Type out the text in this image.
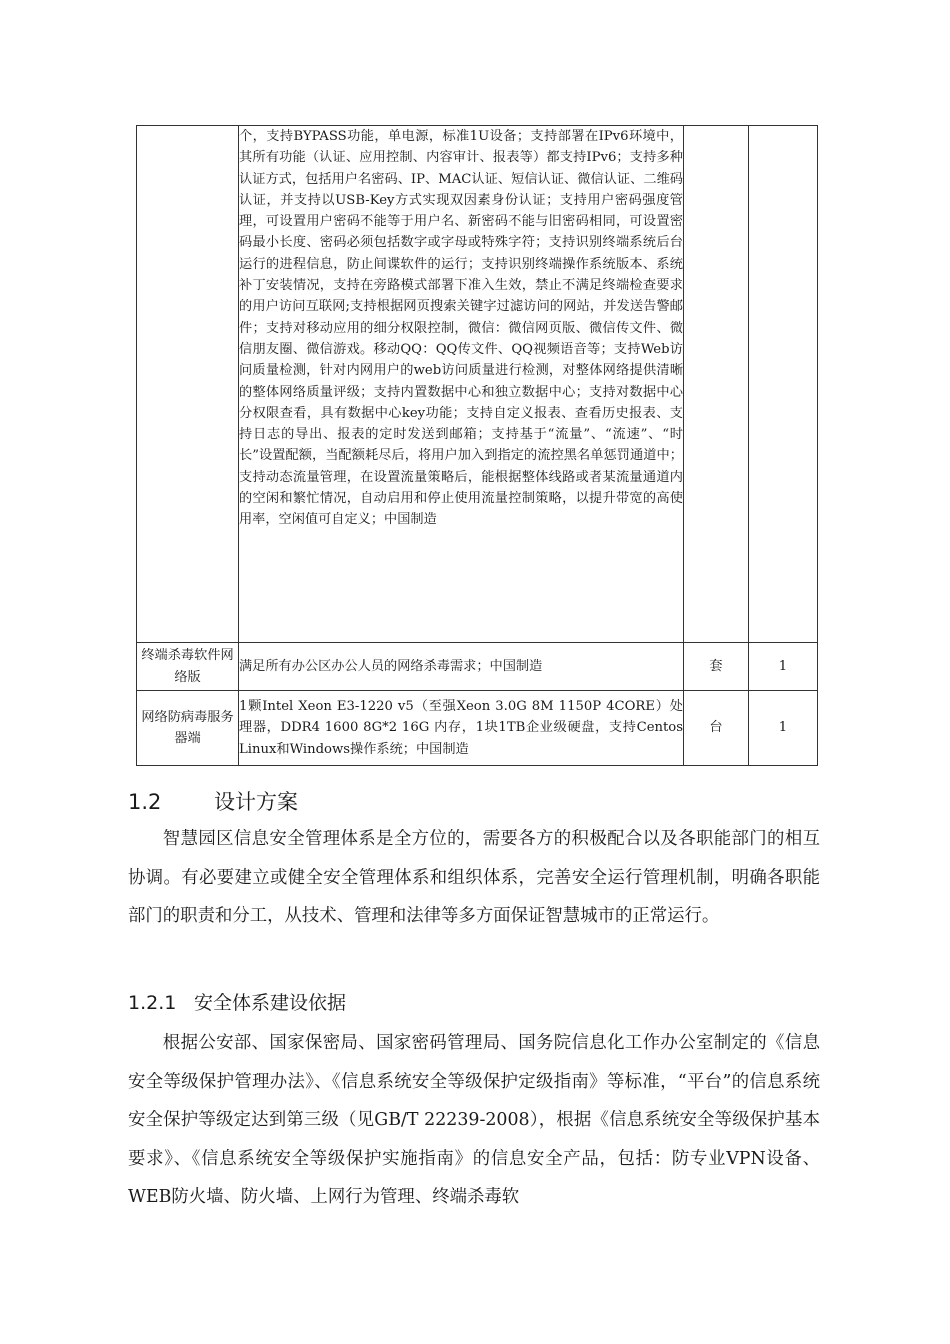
	个，支持BYPASS功能，单电源，标准1U设备；支持部署在IPv6环境中，其所有功能（认证、应用控制、内容审计、报表等）都支持IPv6；支持多种认证方式，包括用户名密码、IP、MAC认证、短信认证、微信认证、二维码认证，并支持以USB-Key方式实现双因素身份认证；支持用户密码强度管理，可设置用户密码不能等于用户名、新密码不能与旧密码相同，可设置密码最小长度、密码必须包括数字或字母或特殊字符；支持识别终端系统后台运行的进程信息，防止间谍软件的运行；支持识别终端操作系统版本、系统补丁安装情况，支持在旁路模式部署下准入生效，禁止不满足终端检查要求的用户访问互联网;支持根据网页搜索关键字过滤访问的网站，并发送告警邮件；支持对移动应用的细分权限控制，微信：微信网页版、微信传文件、微信朋友圈、微信游戏。移动QQ：QQ传文件、QQ视频语音等；支持Web访问质量检测，针对内网用户的web访问质量进行检测，对整体网络提供清晰的整体网络质量评级；支持内置数据中心和独立数据中心；支持对数据中心分权限查看，具有数据中心key功能；支持自定义报表、查看历史报表、支持日志的导出、报表的定时发送到邮箱；支持基于“流量”、“流速”、“时长”设置配额，当配额耗尽后，将用户加入到指定的流控黑名单惩罚通道中；支持动态流量管理，在设置流量策略后，能根据整体线路或者某流量通道内的空闲和繁忙情况，自动启用和停止使用流量控制策略，以提升带宽的高使用率，空闲值可自定义；中国制造		
终端杀毒软件网络版	满足所有办公区办公人员的网络杀毒需求；中国制造	套	1
网络防病毒服务器端	1颗Intel Xeon E3-1220 v5（至强Xeon 3.0G 8M 1150P 4CORE）处理器，DDR4 1600 8G*2 16G 内存，1块1TB企业级硬盘，支持Centos Linux和Windows操作系统；中国制造	台	1
1.2	设计方案

智慧园区信息安全管理体系是全方位的，需要各方的积极配合以及各职能部门的相互协调。有必要建立或健全安全管理体系和组织体系，完善安全运行管理机制，明确各职能部门的职责和分工，从技术、管理和法律等多方面保证智慧城市的正常运行。

1.2.1 安全体系建设依据

根据公安部、国家保密局、国家密码管理局、国务院信息化工作办公室制定的《信息安全等级保护管理办法》、《信息系统安全等级保护定级指南》等标准，“平台”的信息系统安全保护等级定达到第三级（见GB/T 22239-2008），根据《信息系统安全等级保护基本要求》、《信息系统安全等级保护实施指南》的信息安全产品，包括：防专业VPN设备、WEB防火墙、防火墙、上网行为管理、终端杀毒软
